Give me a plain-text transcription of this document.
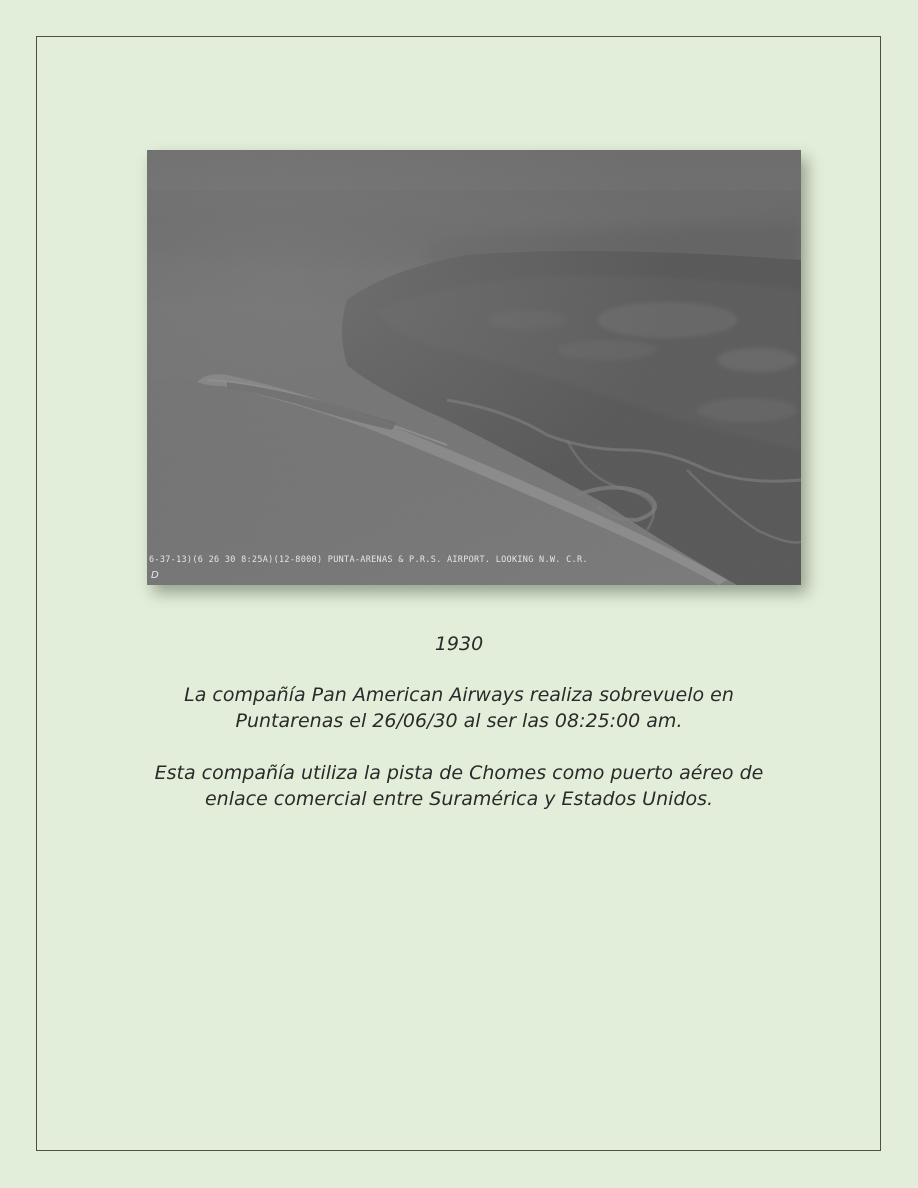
6-37-13)(6 26 30 8:25A)(12-8000) PUNTA-ARENAS & P.R.S. AIRPORT. LOOKING N.W. C.R.
D

1930

La compañía Pan American Airways realiza sobrevuelo en
Puntarenas el 26/06/30 al ser las 08:25:00 am.
Esta compañía utiliza la pista de Chomes como puerto aéreo de
enlace comercial entre Suramérica y Estados Unidos.
